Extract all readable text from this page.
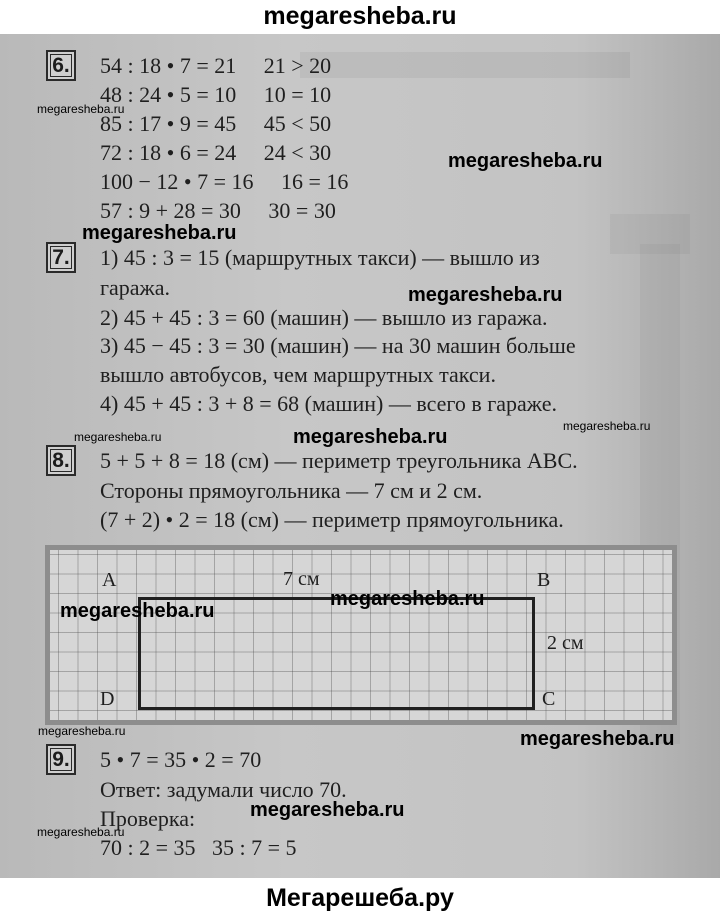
megaresheba.ru
6. 54 : 18 • 7 = 21     21 > 20
48 : 24 • 5 = 10     10 = 10
85 : 17 • 9 = 45     45 < 50
72 : 18 • 6 = 24     24 < 30
100 − 12 • 7 = 16     16 = 16
57 : 9 + 28 = 30     30 = 30
7. 1) 45 : 3 = 15 (маршрутных такси) — вышло из
гаража.
2) 45 + 45 : 3 = 60 (машин) — вышло из гаража.
3) 45 − 45 : 3 = 30 (машин) — на 30 машин больше
вышло автобусов, чем маршрутных такси.
4) 45 + 45 : 3 + 8 = 68 (машин) — всего в гараже.
8. 5 + 5 + 8 = 18 (см) — периметр треугольника ABC.
Стороны прямоугольника — 7 см и 2 см.
(7 + 2) • 2 = 18 (см) — периметр прямоугольника.
A	B
C
D
7 см
2 см
9. 5 • 7 = 35 • 2 = 70
Ответ: задумали число 70.
Проверка:
70 : 2 = 35   35 : 7 = 5
megaresheba.ru
megaresheba.ru
megaresheba.ru
megaresheba.ru
megaresheba.ru
megaresheba.ru
megaresheba.ru
megaresheba.ru
megaresheba.ru
megaresheba.ru
megaresheba.ru
megaresheba.ru
megaresheba.ru
Мегарешеба.ру
